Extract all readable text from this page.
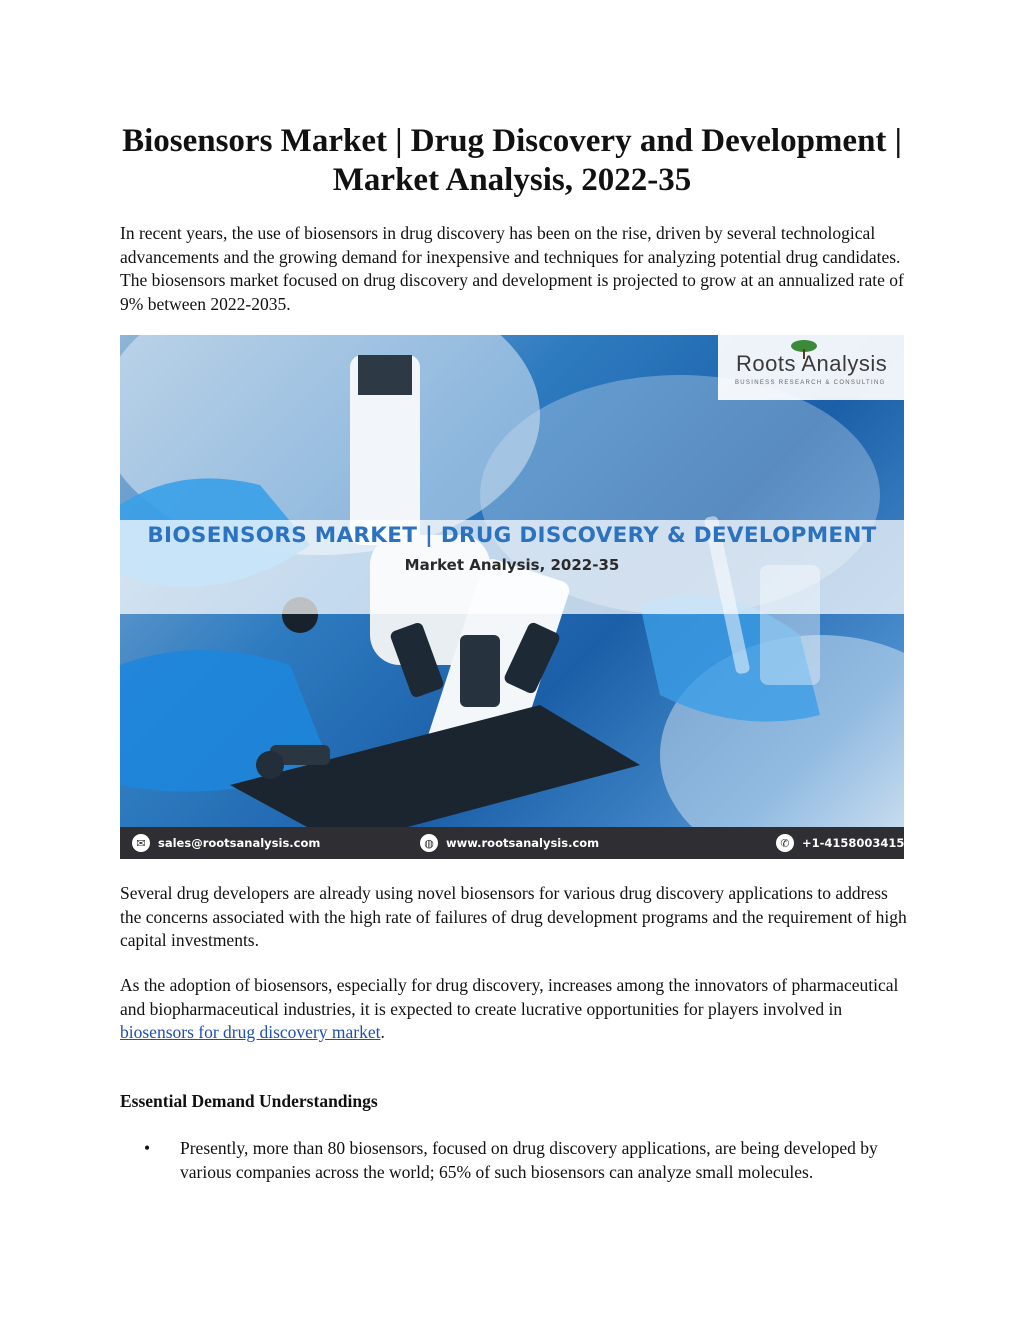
Biosensors Market | Drug Discovery and Development | Market Analysis, 2022-35

In recent years, the use of biosensors in drug discovery has been on the rise, driven by several technological advancements and the growing demand for inexpensive and techniques for analyzing potential drug candidates. The biosensors market focused on drug discovery and development is projected to grow at an annualized rate of 9% between 2022-2035.

Roots Analysis
BUSINESS RESEARCH & CONSULTING
BIOSENSORS MARKET | DRUG DISCOVERY & DEVELOPMENT
Market Analysis, 2022-35
✉	sales@rootsanalysis.com	◍	www.rootsanalysis.com	✆	+1-4158003415

Several drug developers are already using novel biosensors for various drug discovery applications to address the concerns associated with the high rate of failures of drug development programs and the requirement of high capital investments.

As the adoption of biosensors, especially for drug discovery, increases among the innovators of pharmaceutical and biopharmaceutical industries, it is expected to create lucrative opportunities for players involved in biosensors for drug discovery market.

Essential Demand Understandings
• Presently, more than 80 biosensors, focused on drug discovery applications, are being developed by various companies across the world; 65% of such biosensors can analyze small molecules.
